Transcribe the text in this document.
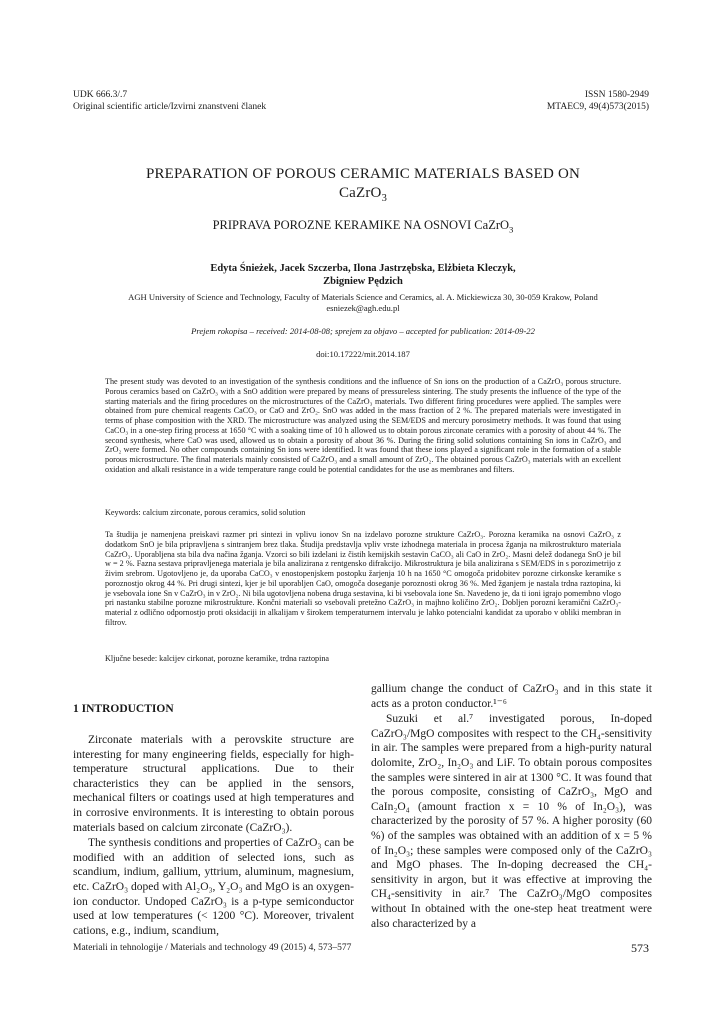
UDK 666.3/.7
Original scientific article/Izvirni znanstveni članek
ISSN 1580-2949
MTAEC9, 49(4)573(2015)
PREPARATION OF POROUS CERAMIC MATERIALS BASED ON
CaZrO$_3$
PRIPRAVA POROZNE KERAMIKE NA OSNOVI CaZrO$_3$
Edyta Śnieżek, Jacek Szczerba, Ilona Jastrzębska, Elżbieta Kleczyk,
Zbigniew Pędzich
AGH University of Science and Technology, Faculty of Materials Science and Ceramics, al. A. Mickiewicza 30, 30-059 Krakow, Poland
esniezek@agh.edu.pl
Prejem rokopisa – received: 2014-08-08; sprejem za objavo – accepted for publication: 2014-09-22
doi:10.17222/mit.2014.187
The present study was devoted to an investigation of the synthesis conditions and the influence of Sn ions on the production of a CaZrO₃ porous structure. Porous ceramics based on CaZrO₃ with a SnO addition were prepared by means of pressureless sintering. The study presents the influence of the type of the starting materials and the firing procedures on the microstructures of the CaZrO₃ materials. Two different firing procedures were applied. The samples were obtained from pure chemical reagents CaCO₃ or CaO and ZrO₂. SnO was added in the mass fraction of 2 %. The prepared materials were investigated in terms of phase composition with the XRD. The microstructure was analyzed using the SEM/EDS and mercury porosimetry methods. It was found that using CaCO₃ in a one-step firing process at 1650 °C with a soaking time of 10 h allowed us to obtain porous zirconate ceramics with a porosity of about 44 %. The second synthesis, where CaO was used, allowed us to obtain a porosity of about 36 %. During the firing solid solutions containing Sn ions in CaZrO₃ and ZrO₂ were formed. No other compounds containing Sn ions were identified. It was found that these ions played a significant role in the formation of a stable porous microstructure. The final materials mainly consisted of CaZrO₃ and a small amount of ZrO₂. The obtained porous CaZrO₃ materials with an excellent oxidation and alkali resistance in a wide temperature range could be potential candidates for the use as membranes and filters.
Keywords: calcium zirconate, porous ceramics, solid solution
Ta študija je namenjena preiskavi razmer pri sintezi in vplivu ionov Sn na izdelavo porozne strukture CaZrO₃. Porozna keramika na osnovi CaZrO₃ z dodatkom SnO je bila pripravljena s sintranjem brez tlaka. Študija predstavlja vpliv vrste izhodnega materiala in procesa žganja na mikrostrukturo materiala CaZrO₃. Uporabljena sta bila dva načina žganja. Vzorci so bili izdelani iz čistih kemijskih sestavin CaCO₃ ali CaO in ZrO₂. Masni delež dodanega SnO je bil w = 2 %. Fazna sestava pripravljenega materiala je bila analizirana z rentgensko difrakcijo. Mikrostruktura je bila analizirana s SEM/EDS in s porozimetrijo z živim srebrom. Ugotovljeno je, da uporaba CaCO₃ v enostopenjskem postopku žarjenja 10 h na 1650 °C omogoča pridobitev porozne cirkonske keramike s poroznostjo okrog 44 %. Pri drugi sintezi, kjer je bil uporabljen CaO, omogoča doseganje poroznosti okrog 36 %. Med žganjem je nastala trdna raztopina, ki je vsebovala ione Sn v CaZrO₃ in v ZrO₂. Ni bila ugotovljena nobena druga sestavina, ki bi vsebovala ione Sn. Navedeno je, da ti ioni igrajo pomembno vlogo pri nastanku stabilne porozne mikrostrukture. Končni materiali so vsebovali pretežno CaZrO₃ in majhno količino ZrO₂. Dobljen porozni keramični CaZrO₃-material z odlično odpornostjo proti oksidaciji in alkalijam v širokem temperaturnem intervalu je lahko potencialni kandidat za uporabo v obliki membran in filtrov.
Ključne besede: kalcijev cirkonat, porozne keramike, trdna raztopina
1 INTRODUCTION

Zirconate materials with a perovskite structure are interesting for many engineering fields, especially for high-temperature structural applications. Due to their characteristics they can be applied in the sensors, mechanical filters or coatings used at high temperatures and in corrosive environments. It is interesting to obtain porous materials based on calcium zirconate (CaZrO₃).

The synthesis conditions and properties of CaZrO₃ can be modified with an addition of selected ions, such as scandium, indium, gallium, yttrium, aluminum, magnesium, etc. CaZrO₃ doped with Al₂O₃, Y₂O₃ and MgO is an oxygen-ion conductor. Undoped CaZrO₃ is a p-type semiconductor used at low temperatures (< 1200 °C). Moreover, trivalent cations, e.g., indium, scandium,

gallium change the conduct of CaZrO₃ and in this state it acts as a proton conductor.¹⁻⁶

Suzuki et al.⁷ investigated porous, In-doped CaZrO₃/MgO composites with respect to the CH₄-sensitivity in air. The samples were prepared from a high-purity natural dolomite, ZrO₂, In₂O₃ and LiF. To obtain porous composites the samples were sintered in air at 1300 °C. It was found that the porous composite, consisting of CaZrO₃, MgO and CaIn₂O₄ (amount fraction x = 10 % of In₂O₃), was characterized by the porosity of 57 %. A higher porosity (60 %) of the samples was obtained with an addition of x = 5 % of In₂O₃; these samples were composed only of the CaZrO₃ and MgO phases. The In-doping decreased the CH₄-sensitivity in argon, but it was effective at improving the CH₄-sensitivity in air.⁷ The CaZrO₃/MgO composites without In obtained with the one-step heat treatment were also characterized by a

Materiali in tehnologije / Materials and technology 49 (2015) 4, 573–577	573
